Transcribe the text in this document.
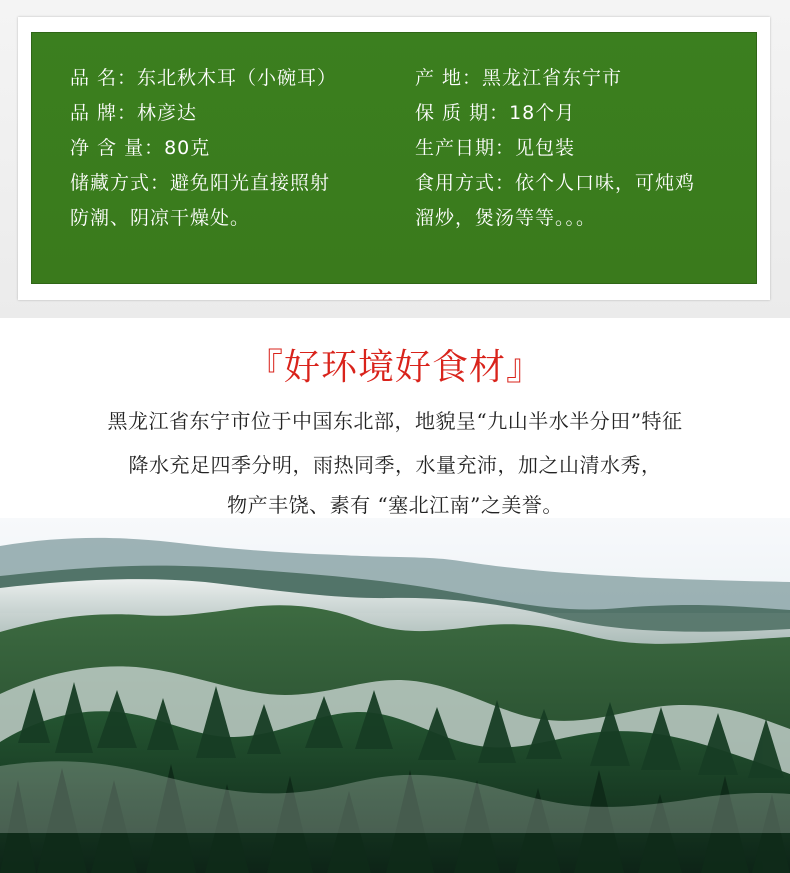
品 名：东北秋木耳（小碗耳）	产 地：黑龙江省东宁市
品 牌：林彦达	保 质 期：18个月
净 含 量：80克	生产日期：见包装
储藏方式：避免阳光直接照射	食用方式：依个人口味，可炖鸡
防潮、阴凉干燥处。	溜炒，煲汤等等。。。
『好环境好食材』
黑龙江省东宁市位于中国东北部，地貌呈“九山半水半分田”特征
降水充足四季分明，雨热同季，水量充沛，加之山清水秀，
物产丰饶、素有 “塞北江南”之美誉。
